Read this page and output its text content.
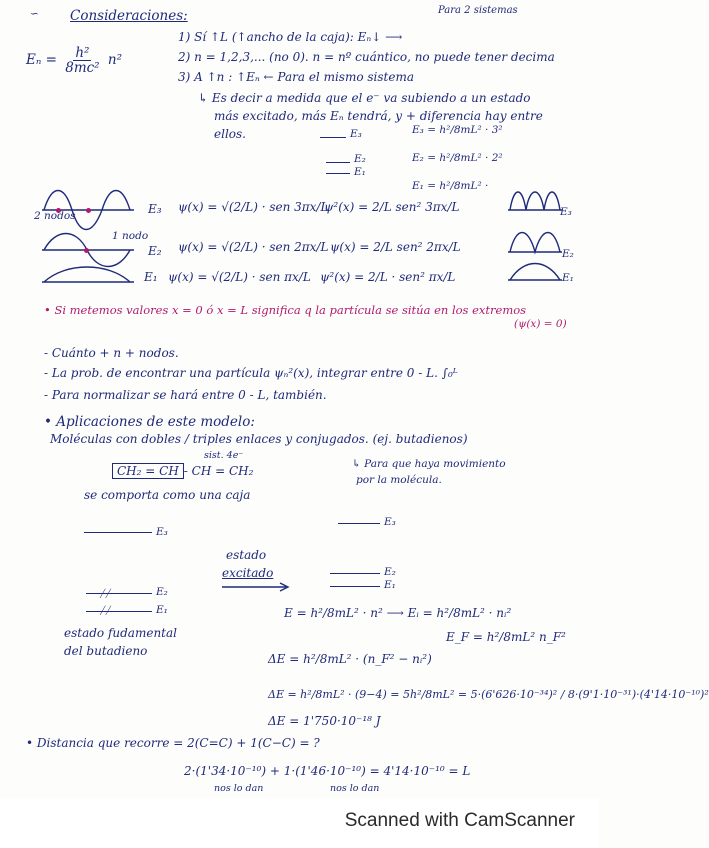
∽ Consideraciones:	Para 2 sistemas
$E_n = \frac{\text{h²}}{\text{8mc²}} n^2$
1) Sí ↑L (↑ancho de la caja): Eₙ↓ ⟶
2) n = 1,2,3,... (no 0). n = nº cuántico, no puede tener decima
3) A ↑n : ↑Eₙ ← Para el mismo sistema
↳ Es decir a medida que el e⁻ va subiendo a un estado
más excitado, más Eₙ tendrá, y + diferencia hay entre
ellos.	E₃
E₂
E₁
E₃ = h²/8mL² · 3²
E₂ = h²/8mL² · 2²
E₁ = h²/8mL² ·
2 nodos
1 nodo
E₃
E₂
E₁
ψ(x) = √(2/L) · sen 3πx/L
ψ(x) = √(2/L) · sen 2πx/L
ψ(x) = √(2/L) · sen πx/L
ψ²(x) = 2/L sen² 3πx/L
ψ(x) = 2/L sen² 2πx/L
ψ²(x) = 2/L · sen² πx/L
E₃
E₂
E₁
• Si metemos valores x = 0 ó x = L significa q la partícula se sitúa en los extremos
(ψ(x) = 0)
- Cuánto + n + nodos.
- La prob. de encontrar una partícula ψₙ²(x), integrar entre 0 - L. ∫₀ᴸ
- Para normalizar se hará entre 0 - L, también.
• Aplicaciones de este modelo:
Moléculas con dobles / triples enlaces y conjugados. (ej. butadienos)
sist. 4e⁻
CH₂ = CH - CH = CH₂	↳ Para que haya movimiento
por la molécula.
se comporta como una caja
E₃
E₂
E₁
⧸⧸
⧸⧸
estado
excitado
E₃
E₂
E₁
estado fudamental
del butadieno
E = h²/8mL² · n² ⟶ Eᵢ = h²/8mL² · nᵢ²
E_F = h²/8mL² n_F²
ΔE = h²/8mL² · (n_F² − nᵢ²)
ΔE = h²/8mL² · (9−4) = 5h²/8mL² = 5·(6'626·10⁻³⁴)² / 8·(9'1·10⁻³¹)·(4'14·10⁻¹⁰)²
ΔE = 1'750·10⁻¹⁸ J
• Distancia que recorre = 2(C=C) + 1(C−C) = ?
2·(1'34·10⁻¹⁰) + 1·(1'46·10⁻¹⁰) = 4'14·10⁻¹⁰ = L
nos lo dan	nos lo dan
Scanned with CamScanner
